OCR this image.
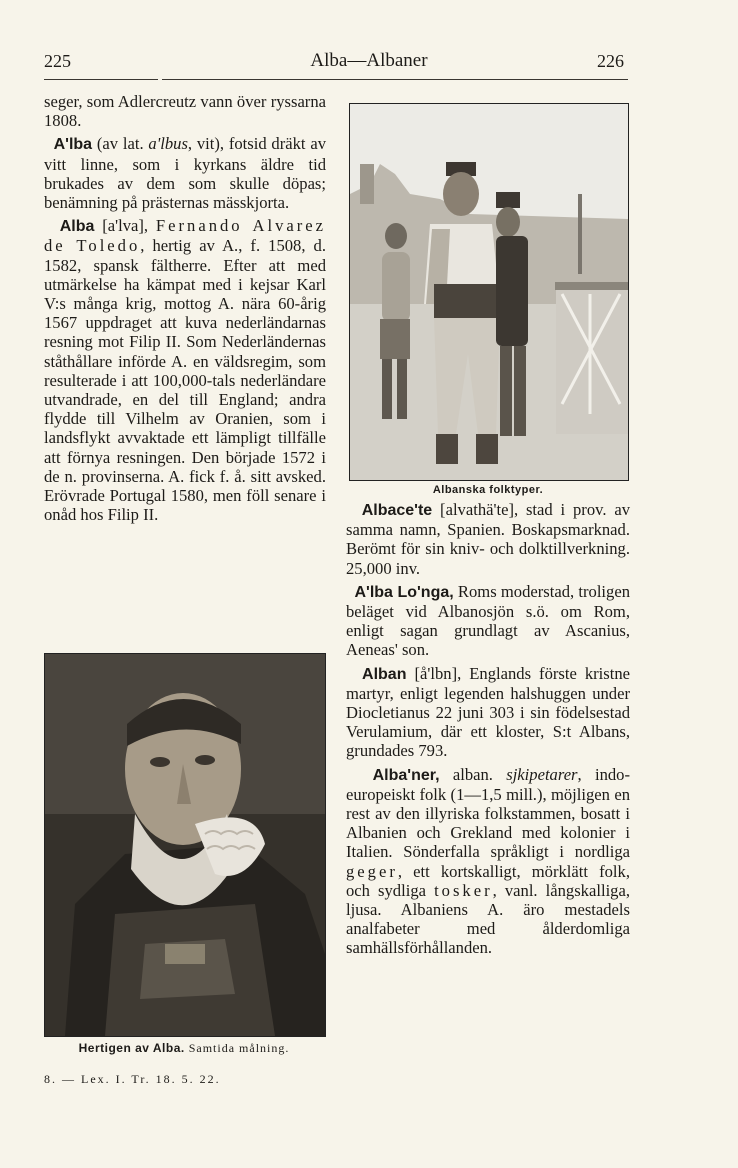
225	Alba—Albaner	226

seger, som Adlercreutz vann över ryssarna 1808.

A'lba (av lat. a'lbus, vit), fotsid dräkt av vitt linne, som i kyrkans äldre tid brukades av dem som skulle döpas; benämning på prästernas mässkjorta.

Alba [a'lva], Fernando Alvarez de Toledo, hertig av A., f. 1508, d. 1582, spansk fältherre. Efter att med utmärkelse ha kämpat med i kejsar Karl V:s många krig, mottog A. nära 60-årig 1567 uppdraget att kuva nederländarnas resning mot Filip II. Som Nederländernas ståthållare införde A. en väldsregim, som resulterade i att 100,000-tals nederländare utvandrade, en del till England; andra flydde till Vilhelm av Oranien, som i landsflykt avvaktade ett lämpligt tillfälle att förnya resningen. Den började 1572 i de n. provinserna. A. fick f. å. sitt avsked. Erövrade Portugal 1580, men föll senare i onåd hos Filip II.

Albanska folktyper.
Hertigen av Alba. Samtida målning.

Albace'te [alvathä'te], stad i prov. av samma namn, Spanien. Boskapsmarknad. Berömt för sin kniv- och dolktillverkning. 25,000 inv.

A'lba Lo'nga, Roms moderstad, troligen beläget vid Albanosjön s.ö. om Rom, enligt sagan grundlagt av Ascanius, Aeneas' son.

Alban [å'lbn], Englands förste kristne martyr, enligt legenden halshuggen under Diocletianus 22 juni 303 i sin födelsestad Verulamium, där ett kloster, S:t Albans, grundades 793.

Alba'ner, alban. sjkipetarer, indo-europeiskt folk (1—1,5 mill.), möjligen en rest av den illyriska folkstammen, bosatt i Albanien och Grekland med kolonier i Italien. Sönderfalla språkligt i nordliga geger, ett kortskalligt, mörklätt folk, och sydliga tosker, vanl. långskalliga, ljusa. Albaniens A. äro mestadels analfabeter med ålderdomliga samhällsförhållanden.

8. — Lex. I. Tr. 18. 5. 22.
